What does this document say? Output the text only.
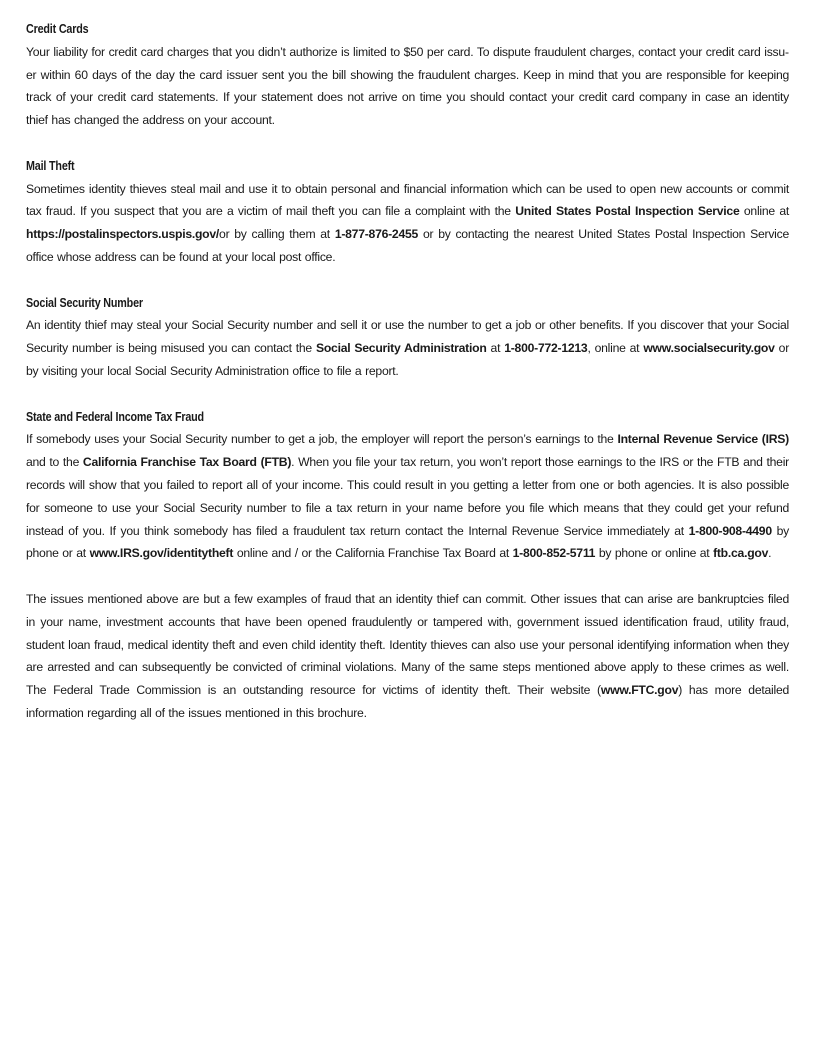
Credit Cards

Your liability for credit card charges that you didn’t authorize is limited to $50 per card. To dispute fraudulent charges, contact your credit card issuer within 60 days of the day the card issuer sent you the bill showing the fraudulent charges. Keep in mind that you are responsible for keeping track of your credit card statements. If your statement does not arrive on time you should contact your credit card company in case an identity thief has changed the address on your account.

Mail Theft

Sometimes identity thieves steal mail and use it to obtain personal and financial information which can be used to open new accounts or commit tax fraud. If you suspect that you are a victim of mail theft you can file a complaint with the United States Postal Inspection Service online at https://postalinspectors.uspis.gov/or by calling them at 1-877-876-2455 or by contacting the nearest United States Postal Inspection Service office whose address can be found at your local post office.

Social Security Number

An identity thief may steal your Social Security number and sell it or use the number to get a job or other benefits. If you discover that your Social Security number is being misused you can contact the Social Security Administration at 1-800-772-1213, online at www.socialsecurity.gov or by visiting your local Social Security Administration office to file a report.

State and Federal Income Tax Fraud

If somebody uses your Social Security number to get a job, the employer will report the person’s earnings to the Internal Revenue Service (IRS) and to the California Franchise Tax Board (FTB). When you file your tax return, you won’t report those earnings to the IRS or the FTB and their records will show that you failed to report all of your income. This could result in you getting a letter from one or both agencies. It is also possible for someone to use your Social Security number to file a tax return in your name before you file which means that they could get your refund instead of you. If you think somebody has filed a fraudulent tax return contact the Internal Revenue Service immediately at 1-800-908-4490 by phone or at www.IRS.gov/identitytheft online and / or the California Franchise Tax Board at 1-800-852-5711 by phone or online at ftb.ca.gov.

The issues mentioned above are but a few examples of fraud that an identity thief can commit. Other issues that can arise are bankruptcies filed in your name, investment accounts that have been opened fraudulently or tampered with, government issued identification fraud, utility fraud, student loan fraud, medical identity theft and even child identity theft. Identity thieves can also use your personal identifying information when they are arrested and can subsequently be convicted of criminal violations. Many of the same steps mentioned above apply to these crimes as well. The Federal Trade Commission is an outstanding resource for victims of identity theft. Their website (www.FTC.gov) has more detailed information regarding all of the issues mentioned in this brochure.
